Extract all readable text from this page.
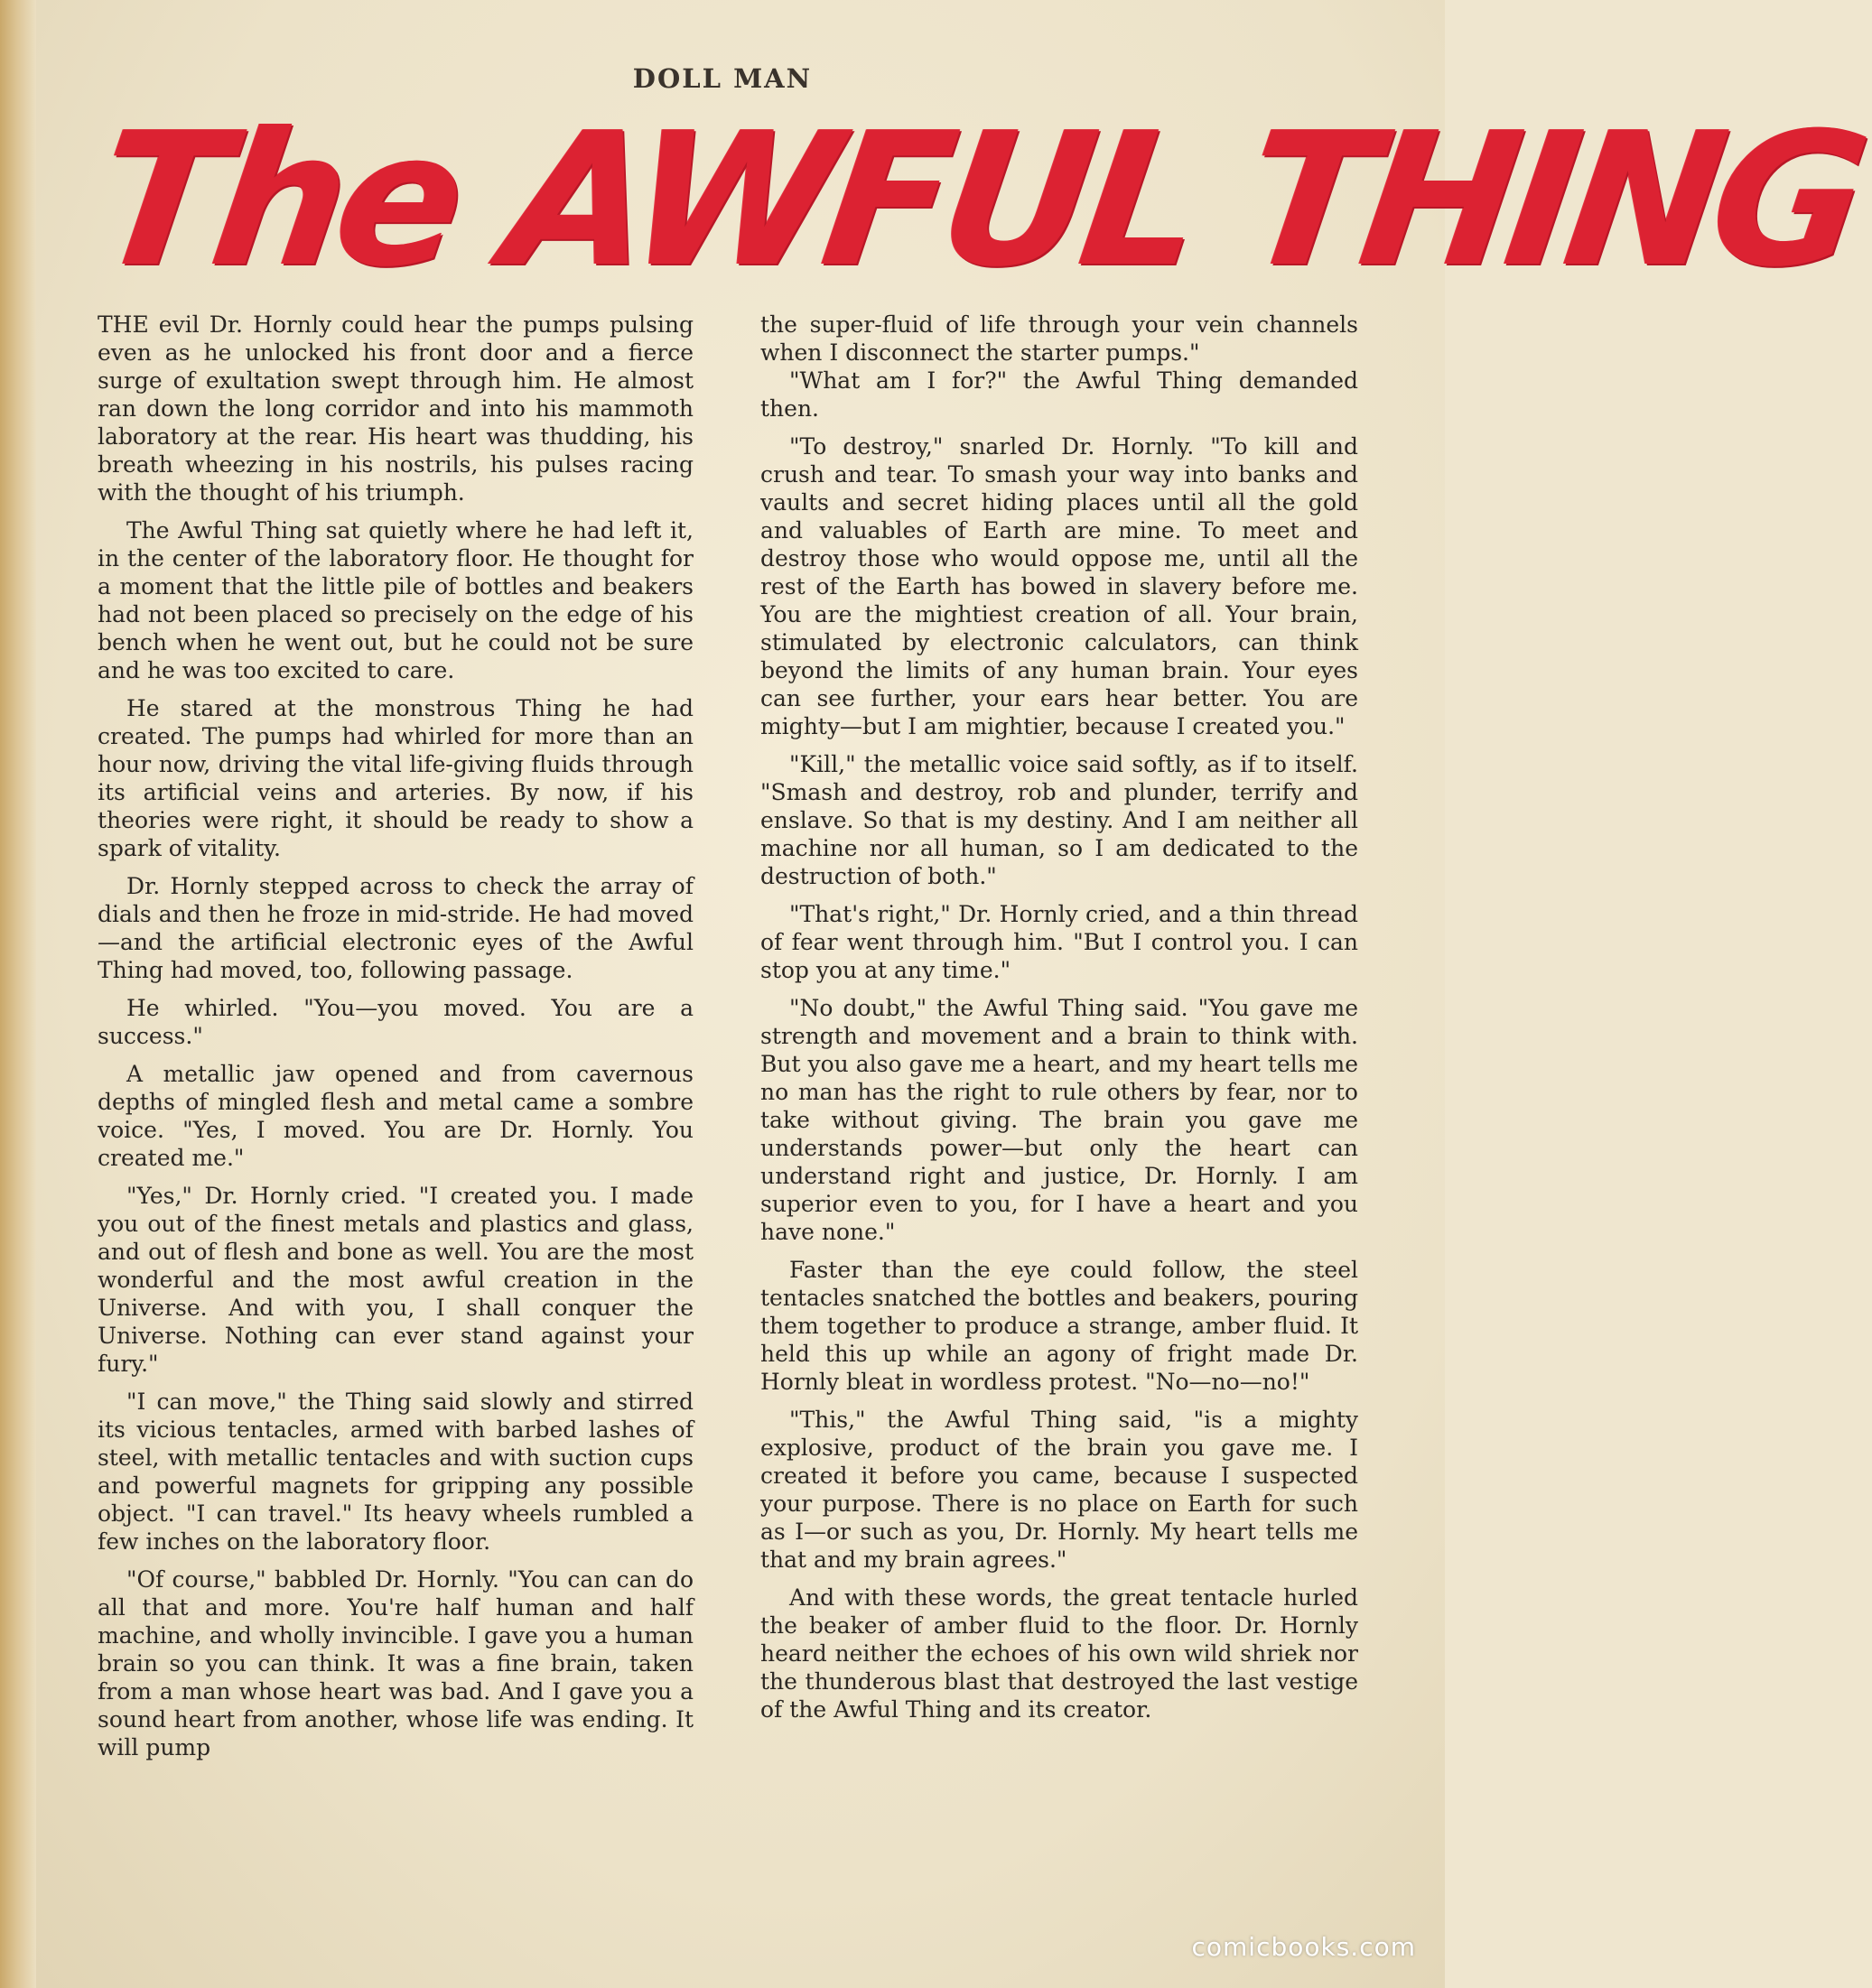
DOLL MAN
The AWFUL THING

THE evil Dr. Hornly could hear the pumps pulsing even as he unlocked his front door and a fierce surge of exultation swept through him. He almost ran down the long corridor and into his mammoth laboratory at the rear. His heart was thudding, his breath wheezing in his nostrils, his pulses racing with the thought of his triumph.

The Awful Thing sat quietly where he had left it, in the center of the laboratory floor. He thought for a moment that the little pile of bottles and beakers had not been placed so precisely on the edge of his bench when he went out, but he could not be sure and he was too excited to care.

He stared at the monstrous Thing he had created. The pumps had whirled for more than an hour now, driving the vital life-giving fluids through its artificial veins and arteries. By now, if his theories were right, it should be ready to show a spark of vitality.

Dr. Hornly stepped across to check the array of dials and then he froze in mid-stride. He had moved—and the artificial electronic eyes of the Awful Thing had moved, too, following passage.

He whirled. "You—you moved. You are a success."

A metallic jaw opened and from cavernous depths of mingled flesh and metal came a sombre voice. "Yes, I moved. You are Dr. Hornly. You created me."

"Yes," Dr. Hornly cried. "I created you. I made you out of the finest metals and plastics and glass, and out of flesh and bone as well. You are the most wonderful and the most awful creation in the Universe. And with you, I shall conquer the Universe. Nothing can ever stand against your fury."

"I can move," the Thing said slowly and stirred its vicious tentacles, armed with barbed lashes of steel, with metallic tentacles and with suction cups and powerful magnets for gripping any possible object. "I can travel." Its heavy wheels rumbled a few inches on the laboratory floor.

"Of course," babbled Dr. Hornly. "You can can do all that and more. You're half human and half machine, and wholly invincible. I gave you a human brain so you can think. It was a fine brain, taken from a man whose heart was bad. And I gave you a sound heart from another, whose life was ending. It will pump

the super-fluid of life through your vein channels when I disconnect the starter pumps."

"What am I for?" the Awful Thing demanded then.

"To destroy," snarled Dr. Hornly. "To kill and crush and tear. To smash your way into banks and vaults and secret hiding places until all the gold and valuables of Earth are mine. To meet and destroy those who would oppose me, until all the rest of the Earth has bowed in slavery before me. You are the mightiest creation of all. Your brain, stimulated by electronic calculators, can think beyond the limits of any human brain. Your eyes can see further, your ears hear better. You are mighty—but I am mightier, because I created you."

"Kill," the metallic voice said softly, as if to itself. "Smash and destroy, rob and plunder, terrify and enslave. So that is my destiny. And I am neither all machine nor all human, so I am dedicated to the destruction of both."

"That's right," Dr. Hornly cried, and a thin thread of fear went through him. "But I control you. I can stop you at any time."

"No doubt," the Awful Thing said. "You gave me strength and movement and a brain to think with. But you also gave me a heart, and my heart tells me no man has the right to rule others by fear, nor to take without giving. The brain you gave me understands power—but only the heart can understand right and justice, Dr. Hornly. I am superior even to you, for I have a heart and you have none."

Faster than the eye could follow, the steel tentacles snatched the bottles and beakers, pouring them together to produce a strange, amber fluid. It held this up while an agony of fright made Dr. Hornly bleat in wordless protest. "No—no—no!"

"This," the Awful Thing said, "is a mighty explosive, product of the brain you gave me. I created it before you came, because I suspected your purpose. There is no place on Earth for such as I—or such as you, Dr. Hornly. My heart tells me that and my brain agrees."

And with these words, the great tentacle hurled the beaker of amber fluid to the floor. Dr. Hornly heard neither the echoes of his own wild shriek nor the thunderous blast that destroyed the last vestige of the Awful Thing and its creator.

comicbooks.com
